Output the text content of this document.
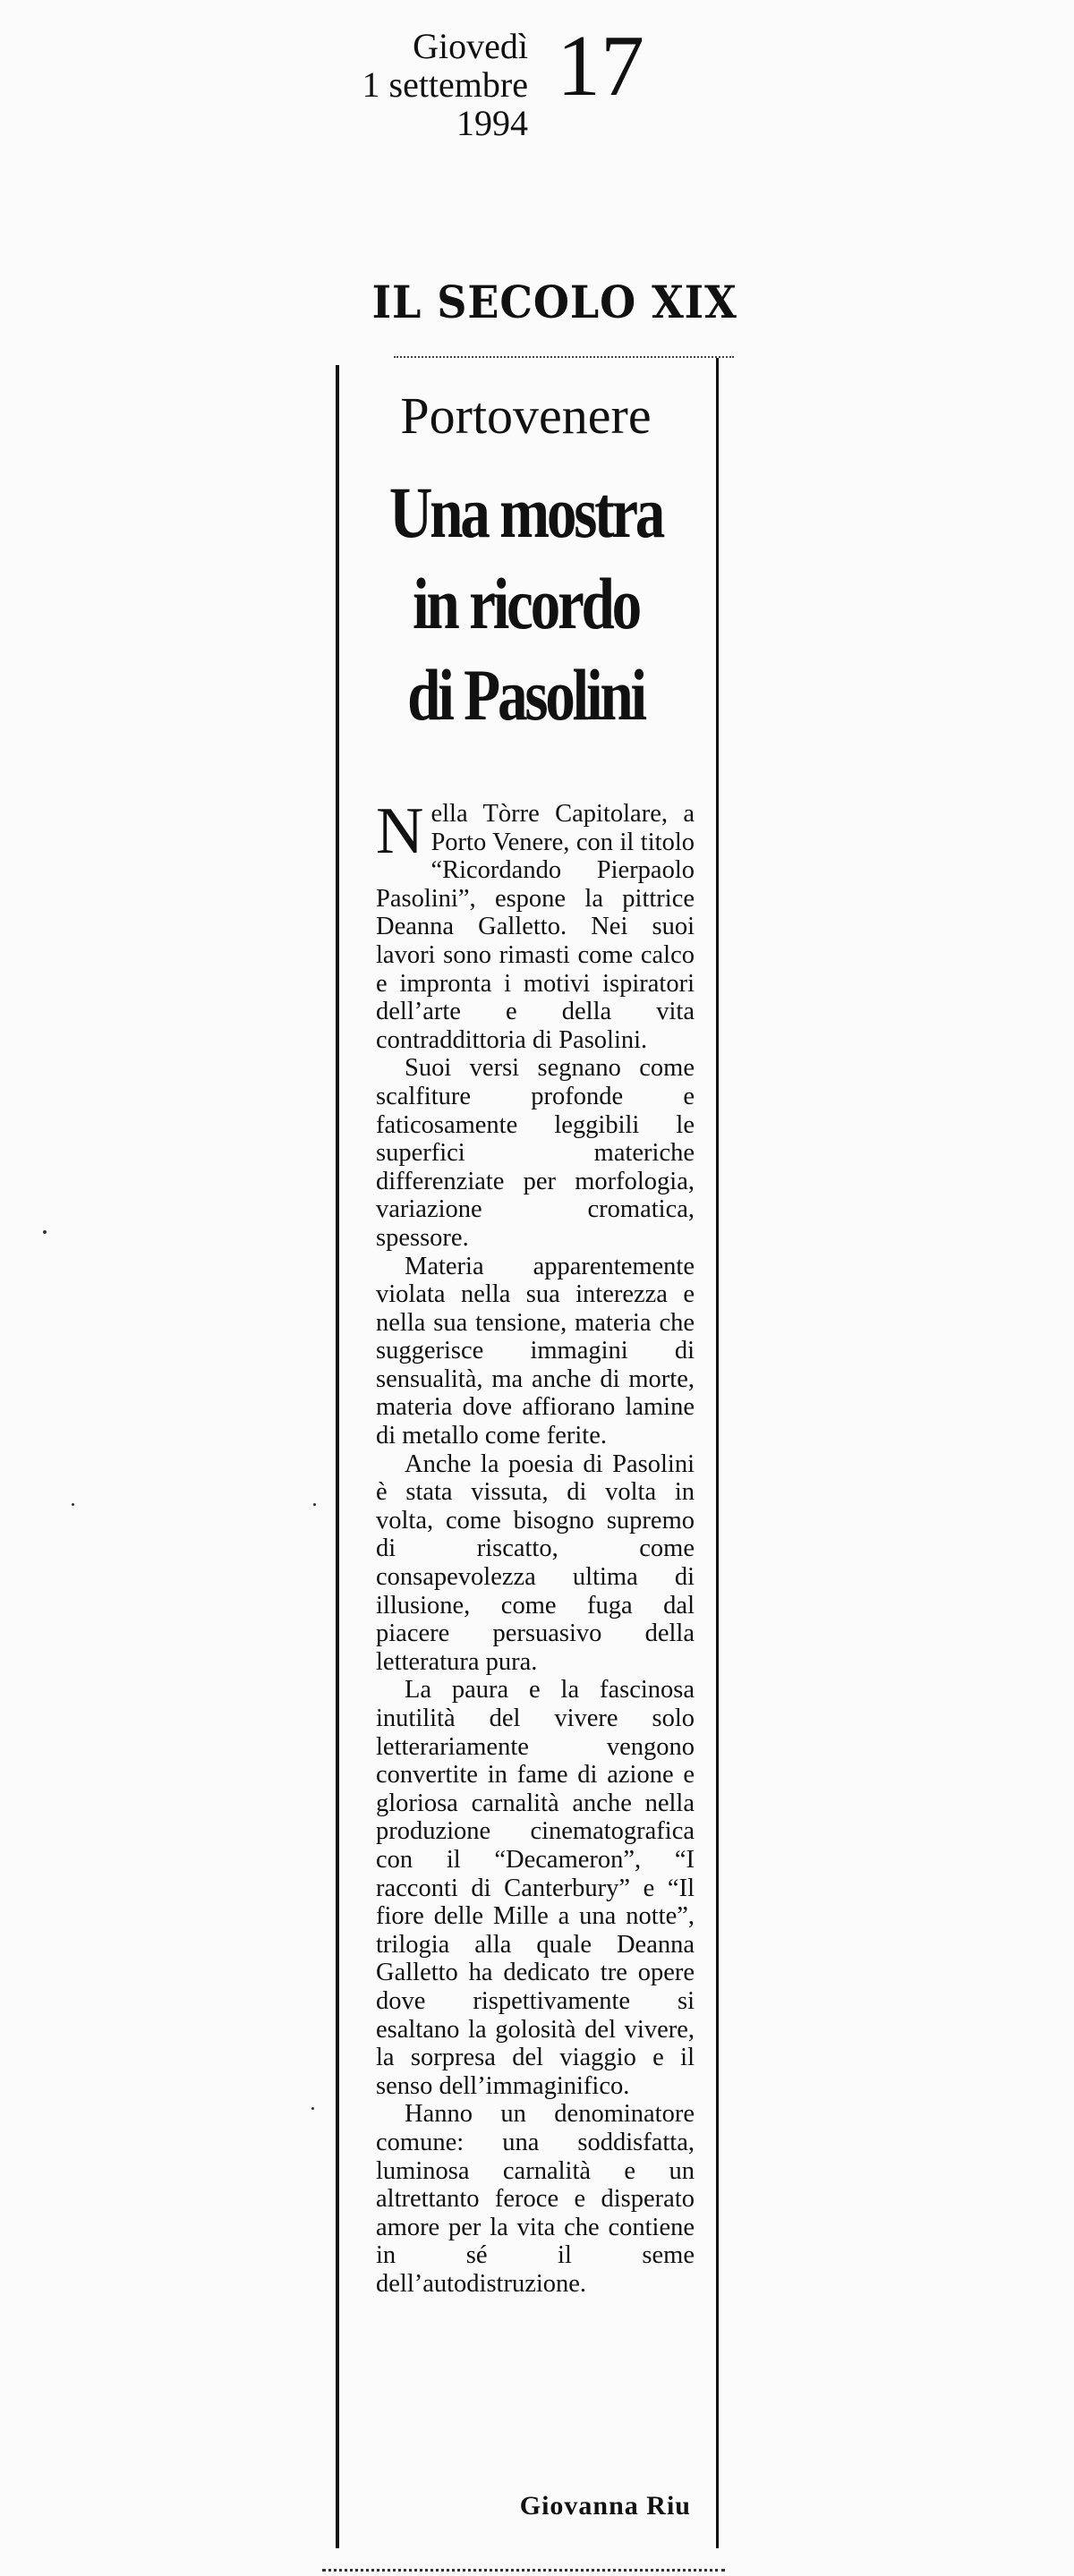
Giovedì
1 settembre 1994
17
IL SECOLO XIX
Portovenere
Una mostra
in ricordo
di Pasolini

Nella Tòrre Capitolare, a Porto Venere, con il titolo “Ricordando Pierpaolo Pasolini”, espone la pittrice Deanna Galletto. Nei suoi lavori sono rimasti come calco e impronta i motivi ispiratori dell’arte e della vita contraddittoria di Pasolini.

Suoi versi segnano come scalfiture profonde e faticosamente leggibili le superfici materiche differenziate per morfologia, variazione cromatica, spessore.

Materia apparentemente violata nella sua interezza e nella sua tensione, materia che suggerisce immagini di sensualità, ma anche di morte, materia dove affiorano lamine di metallo come ferite.

Anche la poesia di Pasolini è stata vissuta, di volta in volta, come bisogno supremo di riscatto, come consapevolezza ultima di illusione, come fuga dal piacere persuasivo della letteratura pura.

La paura e la fascinosa inutilità del vivere solo letterariamente vengono convertite in fame di azione e gloriosa carnalità anche nella produzione cinematografica con il “Decameron”, “I racconti di Canterbury” e “Il fiore delle Mille a una notte”, trilogia alla quale Deanna Galletto ha dedicato tre opere dove rispettivamente si esaltano la golosità del vivere, la sorpresa del viaggio e il senso dell’immaginifico.

Hanno un denominatore comune: una soddisfatta, luminosa carnalità e un altrettanto feroce e disperato amore per la vita che contiene in sé il seme dell’autodistruzione.

Giovanna Riu
